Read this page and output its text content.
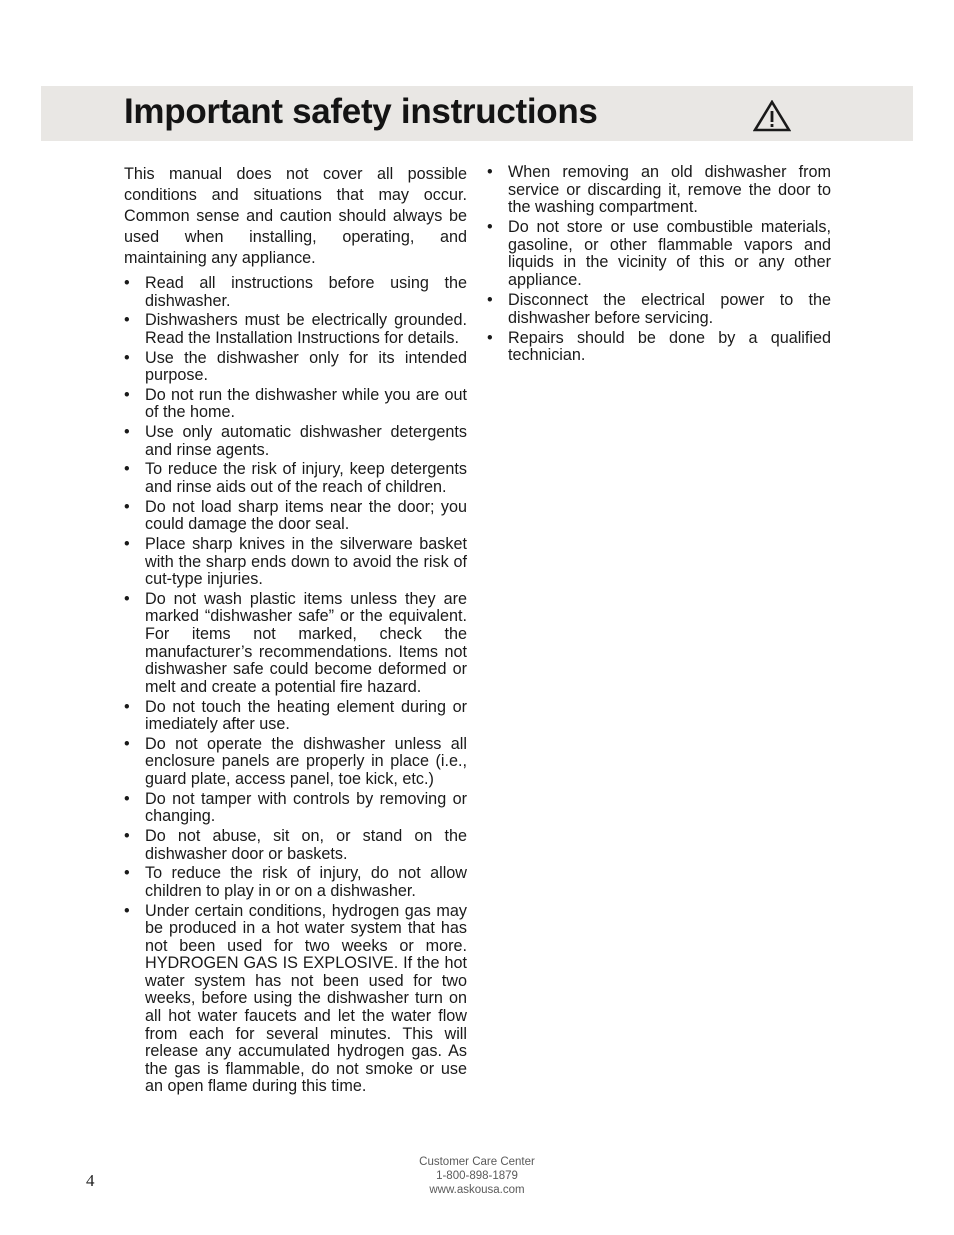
Important safety instructions

This manual does not cover all possible conditions and situations that may occur. Common sense and caution should always be used when installing, operating, and maintaining any appliance.

• Read all instructions before using the dishwasher.
• Dishwashers must be electrically grounded. Read the Installation Instructions for details.
• Use the dishwasher only for its intended purpose.
• Do not run the dishwasher while you are out of the home.
• Use only automatic dishwasher detergents and rinse agents.
• To reduce the risk of injury, keep detergents and rinse aids out of the reach of children.
• Do not load sharp items near the door; you could damage the door seal.
• Place sharp knives in the silverware basket with the sharp ends down to avoid the risk of cut-type injuries.
• Do not wash plastic items unless they are marked “dishwasher safe” or the equivalent. For items not marked, check the manufacturer’s recommendations. Items not dishwasher safe could become deformed or melt and create a potential fire hazard.
• Do not touch the heating element during or imediately after use.
• Do not operate the dishwasher unless all enclosure panels are properly in place (i.e., guard plate, access panel, toe kick, etc.)
• Do not tamper with controls by removing or changing.
• Do not abuse, sit on, or stand on the dishwasher door or baskets.
• To reduce the risk of injury, do not allow children to play in or on a dishwasher.
• Under certain conditions, hydrogen gas may be produced in a hot water system that has not been used for two weeks or more. HYDROGEN GAS IS EXPLOSIVE. If the hot water system has not been used for two weeks, before using the dishwasher turn on all hot water faucets and let the water flow from each for several minutes. This will release any accumulated hydrogen gas. As the gas is flammable, do not smoke or use an open flame during this time.
• When removing an old dishwasher from service or discarding it, remove the door to the washing compartment.
• Do not store or use combustible materials, gasoline, or other flammable vapors and liquids in the vicinity of this or any other appliance.
• Disconnect the electrical power to the dishwasher before servicing.
• Repairs should be done by a qualified technician.
4
Customer Care Center
1-800-898-1879
www.askousa.com
